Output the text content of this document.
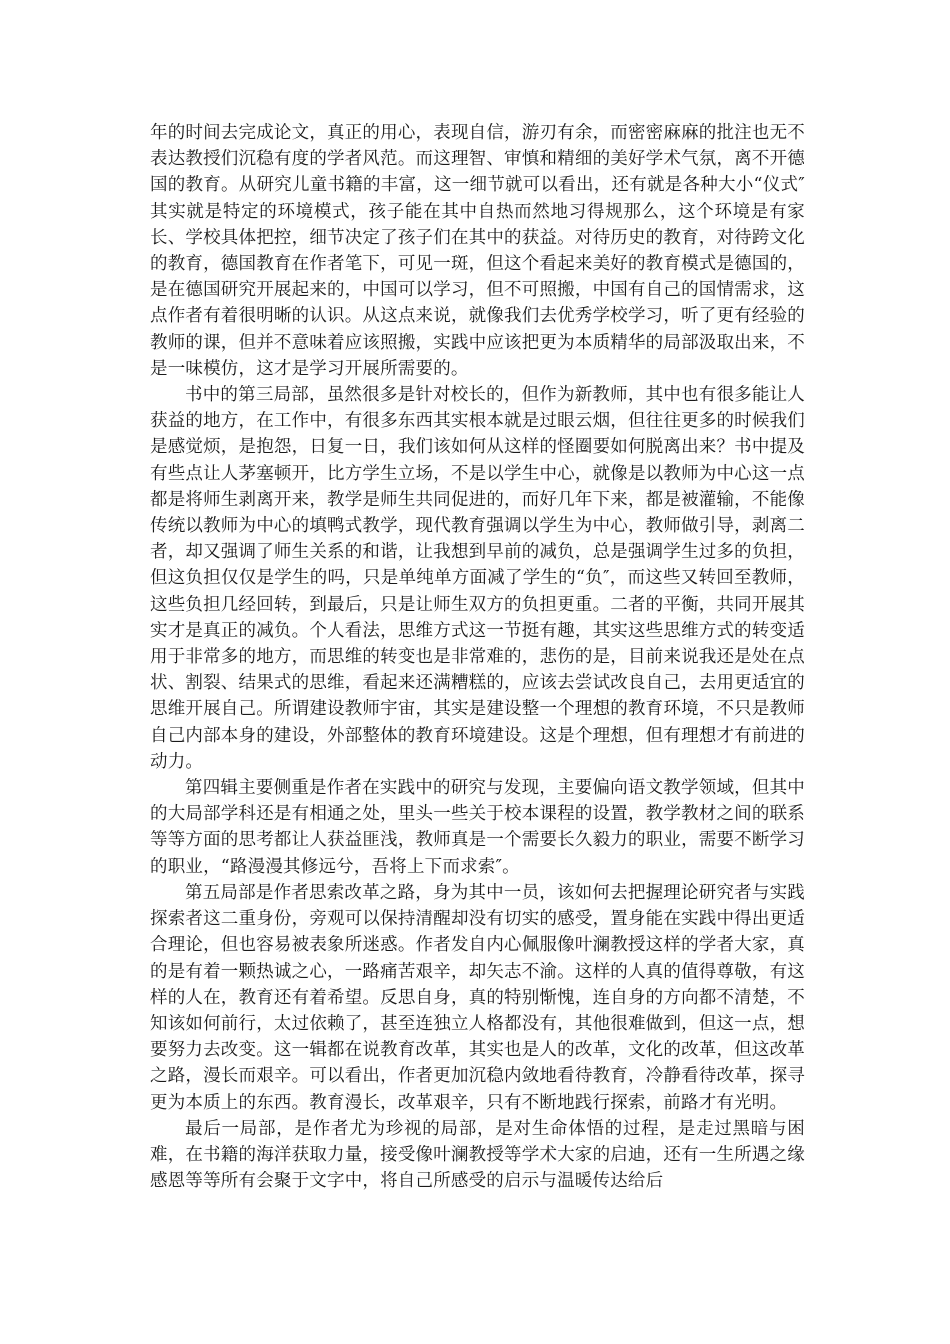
年的时间去完成论文，真正的用心，表现自信，游刃有余，而密密麻麻的批注也无不表达教授们沉稳有度的学者风范。而这理智、审慎和精细的美好学术气氛，离不开德国的教育。从研究儿童书籍的丰富，这一细节就可以看出，还有就是各种大小“仪式″其实就是特定的环境模式，孩子能在其中自热而然地习得规那么，这个环境是有家长、学校具体把控，细节决定了孩子们在其中的获益。对待历史的教育，对待跨文化的教育，德国教育在作者笔下，可见一斑，但这个看起来美好的教育模式是德国的，是在德国研究开展起来的，中国可以学习，但不可照搬，中国有自己的国情需求，这点作者有着很明晰的认识。从这点来说，就像我们去优秀学校学习，听了更有经验的教师的课，但并不意味着应该照搬，实践中应该把更为本质精华的局部汲取出来，不是一味模仿，这才是学习开展所需要的。

书中的第三局部，虽然很多是针对校长的，但作为新教师，其中也有很多能让人获益的地方，在工作中，有很多东西其实根本就是过眼云烟，但往往更多的时候我们是感觉烦，是抱怨，日复一日，我们该如何从这样的怪圈要如何脱离出来？书中提及有些点让人茅塞顿开，比方学生立场，不是以学生中心，就像是以教师为中心这一点都是将师生剥离开来，教学是师生共同促进的，而好几年下来，都是被灌输，不能像传统以教师为中心的填鸭式教学，现代教育强调以学生为中心，教师做引导，剥离二者，却又强调了师生关系的和谐，让我想到早前的减负，总是强调学生过多的负担，但这负担仅仅是学生的吗，只是单纯单方面减了学生的“负″，而这些又转回至教师，这些负担几经回转，到最后，只是让师生双方的负担更重。二者的平衡，共同开展其实才是真正的减负。个人看法，思维方式这一节挺有趣，其实这些思维方式的转变适用于非常多的地方，而思维的转变也是非常难的，悲伤的是，目前来说我还是处在点状、割裂、结果式的思维，看起来还满糟糕的，应该去尝试改良自己，去用更适宜的思维开展自己。所谓建设教师宇宙，其实是建设整一个理想的教育环境，不只是教师自己内部本身的建设，外部整体的教育环境建设。这是个理想，但有理想才有前进的动力。

第四辑主要侧重是作者在实践中的研究与发现，主要偏向语文教学领域，但其中的大局部学科还是有相通之处，里头一些关于校本课程的设置，教学教材之间的联系等等方面的思考都让人获益匪浅，教师真是一个需要长久毅力的职业，需要不断学习的职业，“路漫漫其修远兮，吾将上下而求索″。

第五局部是作者思索改革之路，身为其中一员，该如何去把握理论研究者与实践探索者这二重身份，旁观可以保持清醒却没有切实的感受，置身能在实践中得出更适合理论，但也容易被表象所迷惑。作者发自内心佩服像叶澜教授这样的学者大家，真的是有着一颗热诚之心，一路痛苦艰辛，却矢志不渝。这样的人真的值得尊敬，有这样的人在，教育还有着希望。反思自身，真的特别惭愧，连自身的方向都不清楚，不知该如何前行，太过依赖了，甚至连独立人格都没有，其他很难做到，但这一点，想要努力去改变。这一辑都在说教育改革，其实也是人的改革，文化的改革，但这改革之路，漫长而艰辛。可以看出，作者更加沉稳内敛地看待教育，冷静看待改革，探寻更为本质上的东西。教育漫长，改革艰辛，只有不断地践行探索，前路才有光明。

最后一局部，是作者尤为珍视的局部，是对生命体悟的过程，是走过黑暗与困难，在书籍的海洋获取力量，接受像叶澜教授等学术大家的启迪，还有一生所遇之缘感恩等等所有会聚于文字中，将自己所感受的启示与温暖传达给后
